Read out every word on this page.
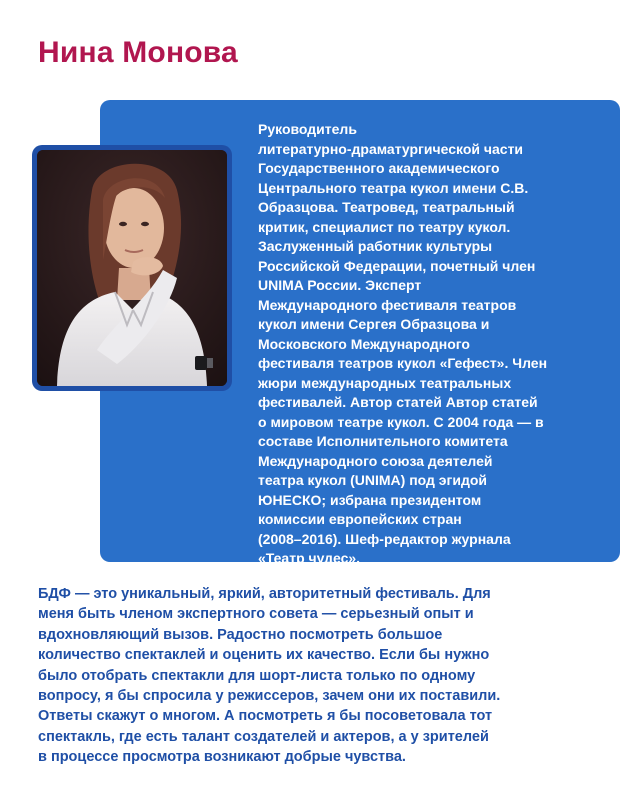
Нина Монова

Руководитель
литературно-драматургической части
Государственного академического
Центрального театра кукол имени С.В.
Образцова. Театровед, театральный
критик, специалист по театру кукол.
Заслуженный работник культуры
Российской Федерации, почетный член
UNIMA России. Эксперт
Международного фестиваля театров
кукол имени Сергея Образцова и
Московского Международного
фестиваля театров кукол «Гефест». Член
жюри международных театральных
фестивалей. Автор статей Автор статей
о мировом театре кукол. С 2004 года — в
составе Исполнительного комитета
Международного союза деятелей
театра кукол (UNIMA) под эгидой
ЮНЕСКО; избрана президентом
комиссии европейских стран
(2008–2016). Шеф-редактор журнала
«Театр чудес».

БДФ — это уникальный, яркий, авторитетный фестиваль. Для
меня быть членом экспертного совета — серьезный опыт и
вдохновляющий вызов. Радостно посмотреть большое
количество спектаклей и оценить их качество. Если бы нужно
было отобрать спектакли для шорт-листа только по одному
вопросу, я бы спросила у режиссеров, зачем они их поставили.
Ответы скажут о многом. А посмотреть я бы посоветовала тот
спектакль, где есть талант создателей и актеров, а у зрителей
в процессе просмотра возникают добрые чувства.
